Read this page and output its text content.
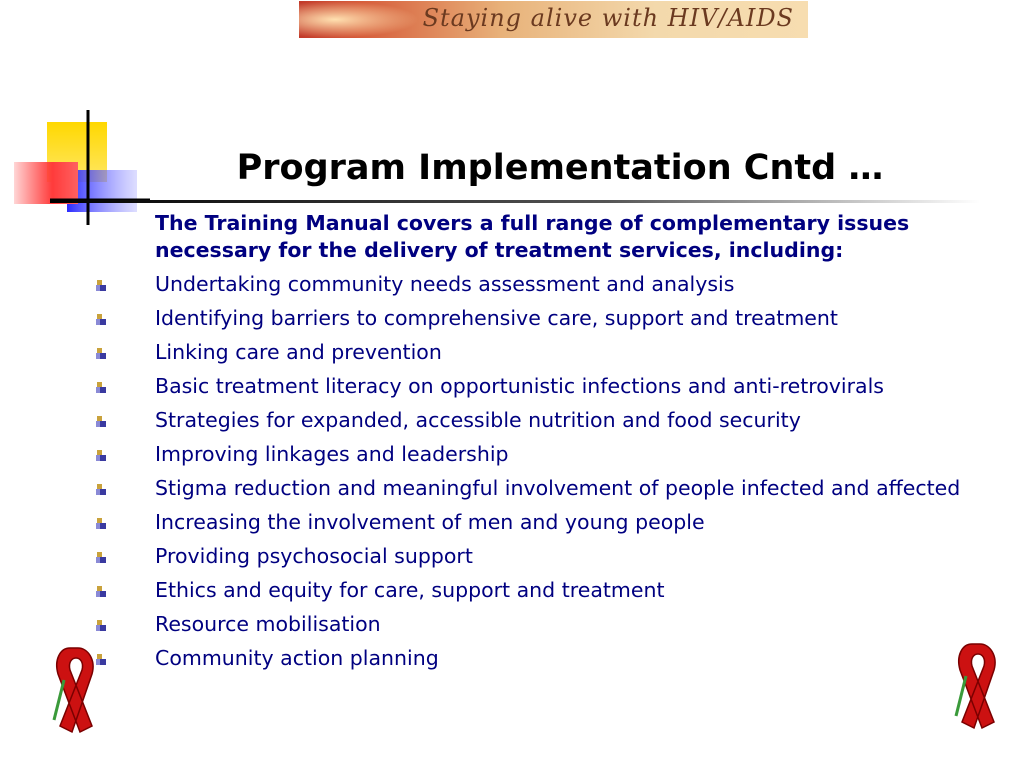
Staying alive with HIV/AIDS
Program Implementation Cntd …

The Training Manual covers a full range of complementary issues necessary for the delivery of treatment services, including:

Undertaking community needs assessment and analysis
Identifying barriers to comprehensive care, support and treatment
Linking care and prevention
Basic treatment literacy on opportunistic infections and anti-retrovirals
Strategies for expanded, accessible nutrition and food security
Improving linkages and leadership
Stigma reduction and meaningful involvement of people infected and affected
Increasing the involvement of men and young people
Providing psychosocial support
Ethics and equity for care, support and treatment
Resource mobilisation
Community action planning
